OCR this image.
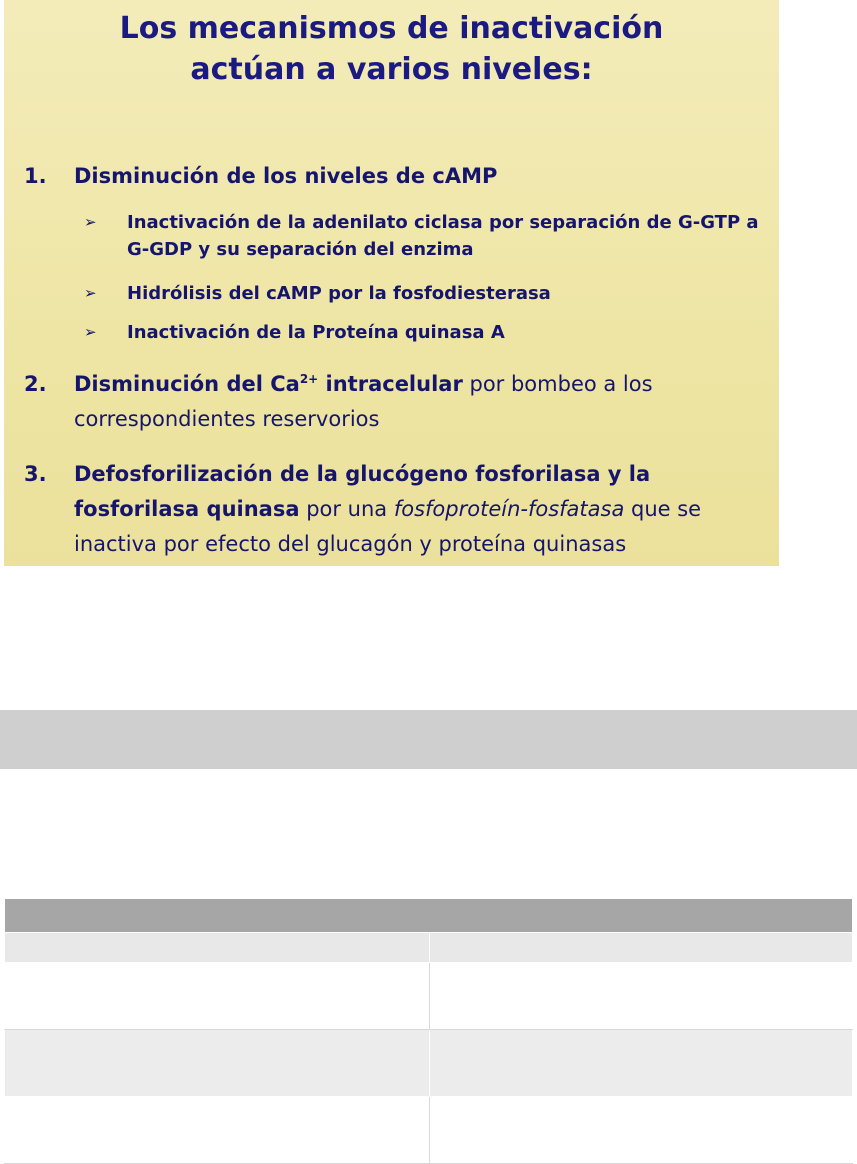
Los mecanismos de inactivación
actúan a varios niveles:
1. Disminución de los niveles de cAMP
➢ Inactivación de la adenilato ciclasa por separación de G-GTP a G-GDP y su separación del enzima
➢ Hidrólisis del cAMP por la fosfodiesterasa
➢ Inactivación de la Proteína quinasa A
2. Disminución del $Ca^{2+}$ intracelular por bombeo a los correspondientes reservorios
3. Defosforilización de la glucógeno fosforilasa y la fosforilasa quinasa por una fosfoproteín-fosfatasa que se inactiva por efecto del glucagón y proteína quinasas
